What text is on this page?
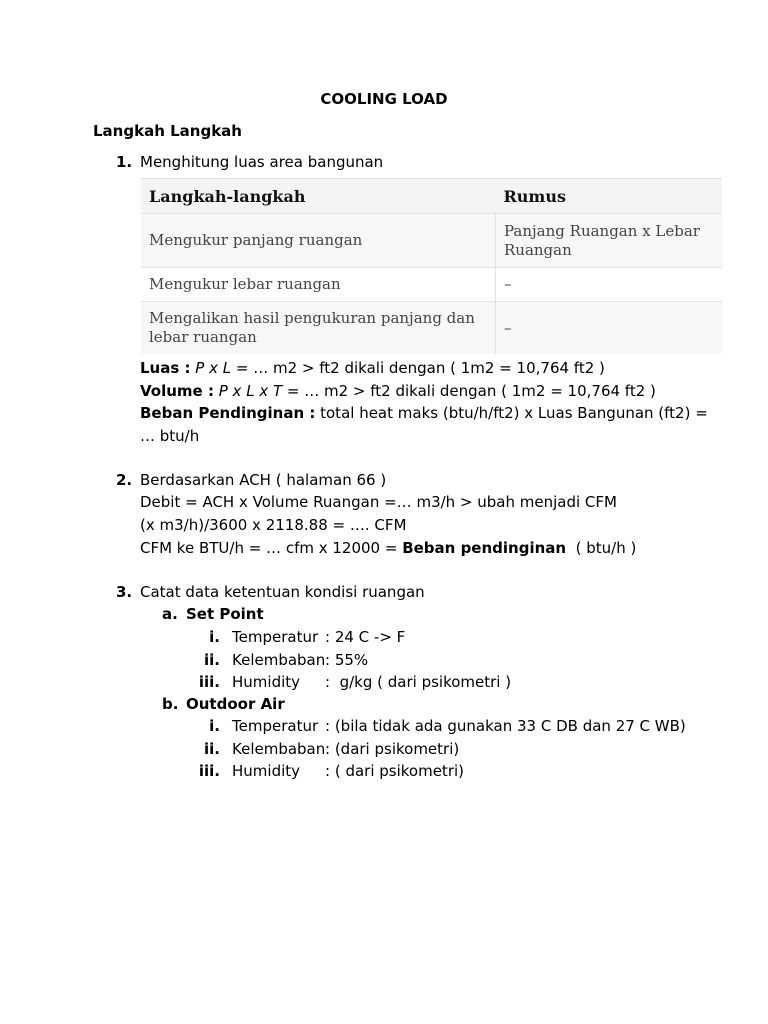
COOLING LOAD
Langkah Langkah
1. Menghitung luas area bangunan
Langkah-langkah	Rumus
Mengukur panjang ruangan	Panjang Ruangan x Lebar Ruangan
Mengukur lebar ruangan	–
Mengalikan hasil pengukuran panjang dan lebar ruangan	–
Luas : P x L = … m2 > ft2 dikali dengan ( 1m2 = 10,764 ft2 )
Volume : P x L x T = … m2 > ft2 dikali dengan ( 1m2 = 10,764 ft2 )
Beban Pendinginan : total heat maks (btu/h/ft2) x Luas Bangunan (ft2) =
… btu/h
2. Berdasarkan ACH ( halaman 66 )
Debit = ACH x Volume Ruangan =… m3/h > ubah menjadi CFM
(x m3/h)/3600 x 2118.88 = …. CFM
CFM ke BTU/h = … cfm x 12000 = Beban pendinginan  ( btu/h )
3. Catat data ketentuan kondisi ruangan
a. Set Point
i. Temperatur : 24 C -> F
ii. Kelembaban: 55%
iii. Humidity :  g/kg ( dari psikometri )
b. Outdoor Air
i. Temperatur : (bila tidak ada gunakan 33 C DB dan 27 C WB)
ii. Kelembaban: (dari psikometri)
iii. Humidity : ( dari psikometri)
